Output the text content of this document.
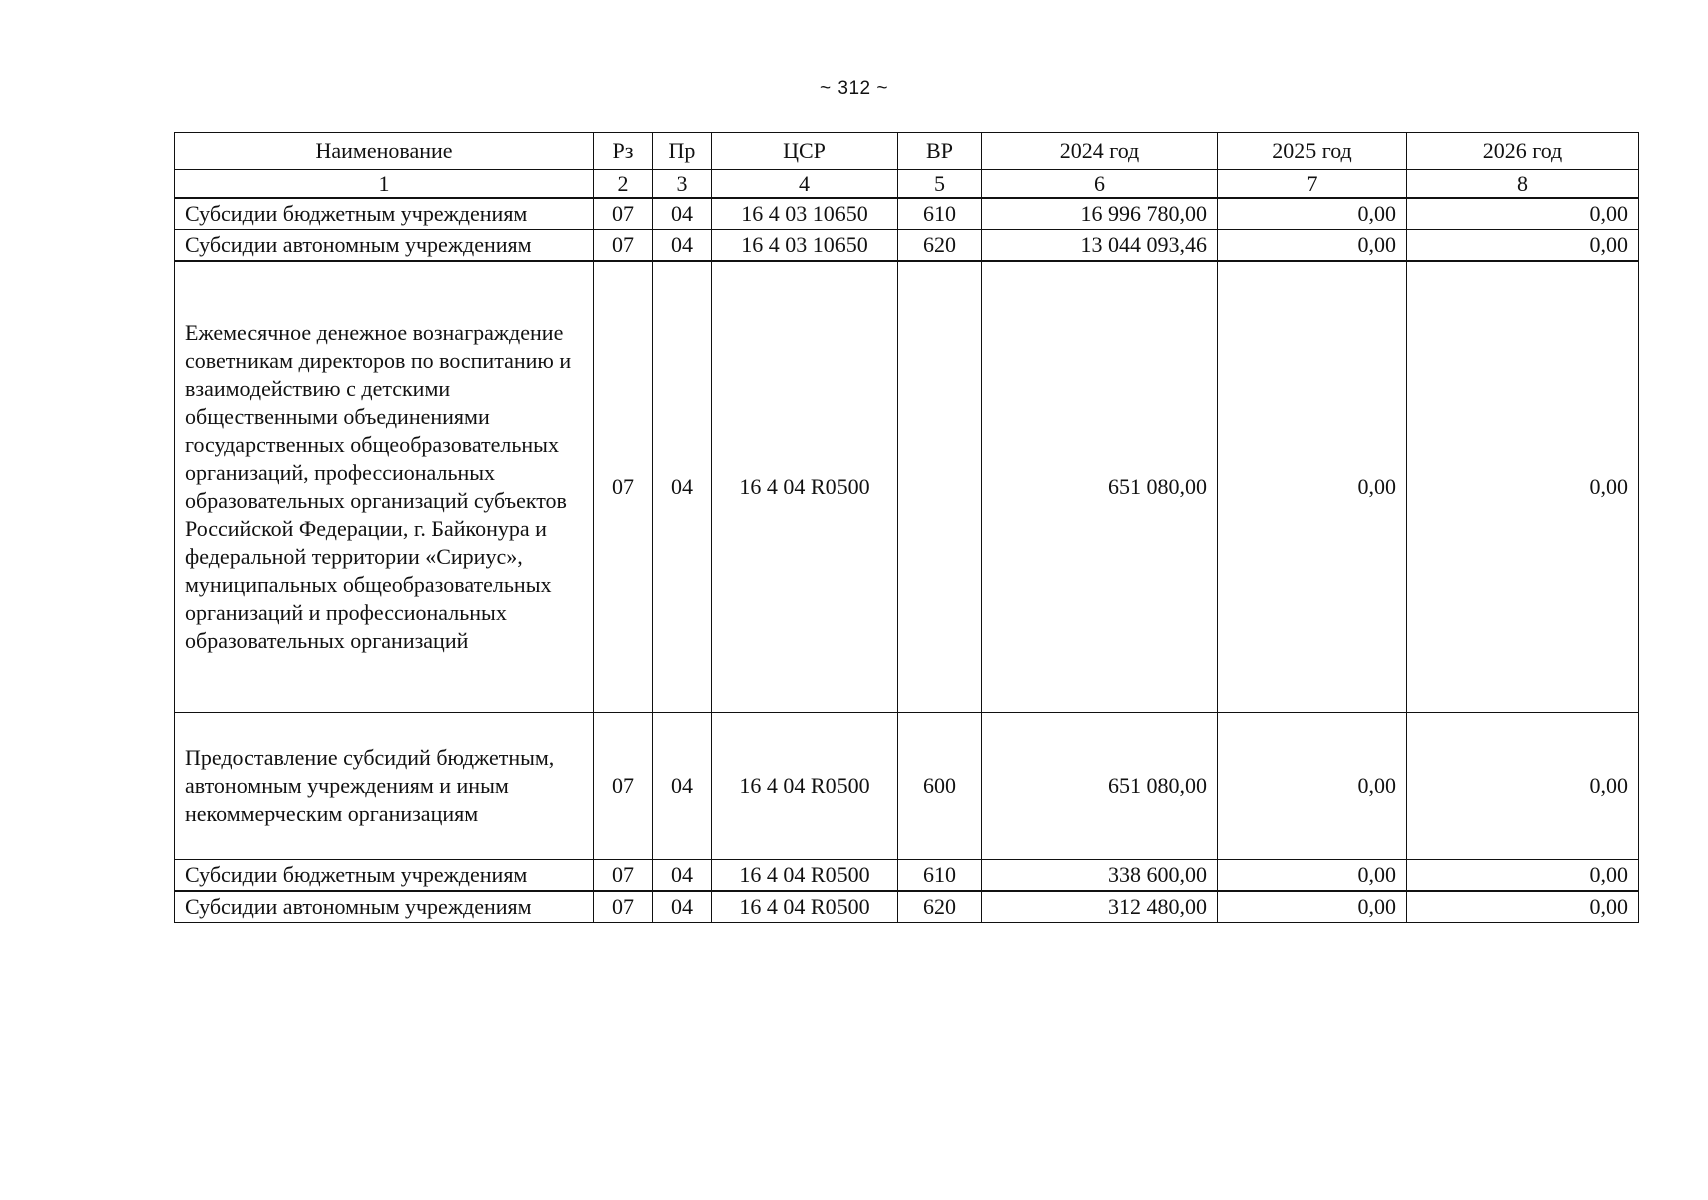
~ 312 ~
Наименование	Рз	Пр	ЦСР	ВР	2024 год	2025 год	2026 год
1	2	3	4	5	6	7	8
Субсидии бюджетным учреждениям	07	04	16 4 03 10650	610	16 996 780,00	0,00	0,00
Субсидии автономным учреждениям	07	04	16 4 03 10650	620	13 044 093,46	0,00	0,00
Ежемесячное денежное вознаграждение советникам директоров по воспитанию и взаимодействию с детскими общественными объединениями государственных общеобразовательных организаций, профессиональных образовательных организаций субъектов Российской Федерации, г. Байконура и федеральной территории «Сириус», муниципальных общеобразовательных организаций и профессиональных образовательных организаций	07	04	16 4 04 R0500		651 080,00	0,00	0,00
Предоставление субсидий бюджетным, автономным учреждениям и иным некоммерческим организациям	07	04	16 4 04 R0500	600	651 080,00	0,00	0,00
Субсидии бюджетным учреждениям	07	04	16 4 04 R0500	610	338 600,00	0,00	0,00
Субсидии автономным учреждениям	07	04	16 4 04 R0500	620	312 480,00	0,00	0,00
